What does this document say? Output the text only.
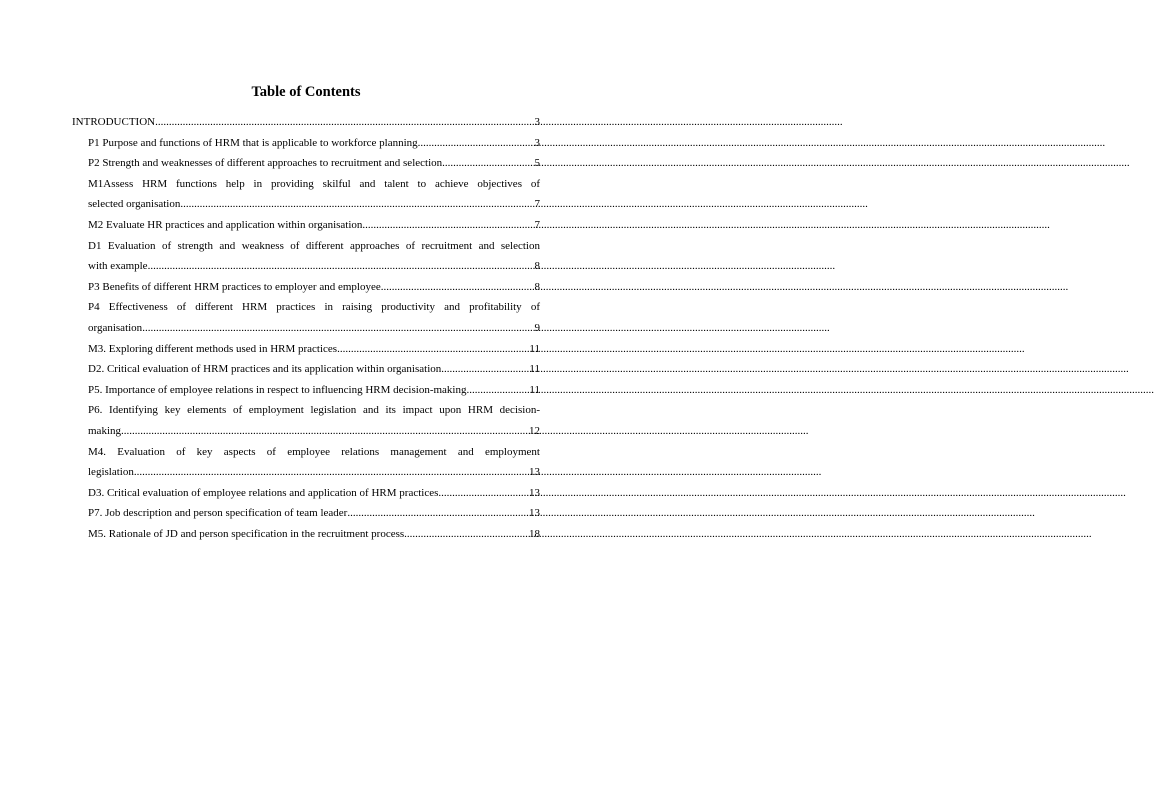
Table of Contents
INTRODUCTION .....	3
P1 Purpose and functions of HRM that is applicable to workforce planning .....	3
P2 Strength and weaknesses of different approaches to recruitment and selection .....	5
M1Assess HRM functions help in providing skilful and talent to achieve objectives of
selected organisation .....	7
M2 Evaluate HR practices and application within organisation .....	7
D1 Evaluation of strength and weakness of different approaches of recruitment and selection
with example .....	8
P3 Benefits of different HRM practices to employer and employee .....	8
P4 Effectiveness of different HRM practices in raising productivity and profitability of
organisation .....	9
M3. Exploring different methods used in HRM practices .....	11
D2. Critical evaluation of HRM practices and its application within organisation .....	11
P5. Importance of employee relations in respect to influencing HRM decision-making .....	11
P6. Identifying key elements of employment legislation and its impact upon HRM decision-
making .....	12
M4. Evaluation of key aspects of employee relations management and employment
legislation .....	13
D3. Critical evaluation of employee relations and application of HRM practices .....	13
P7. Job description and person specification of team leader .....	13
M5. Rationale of JD and person specification in the recruitment process .....	18
